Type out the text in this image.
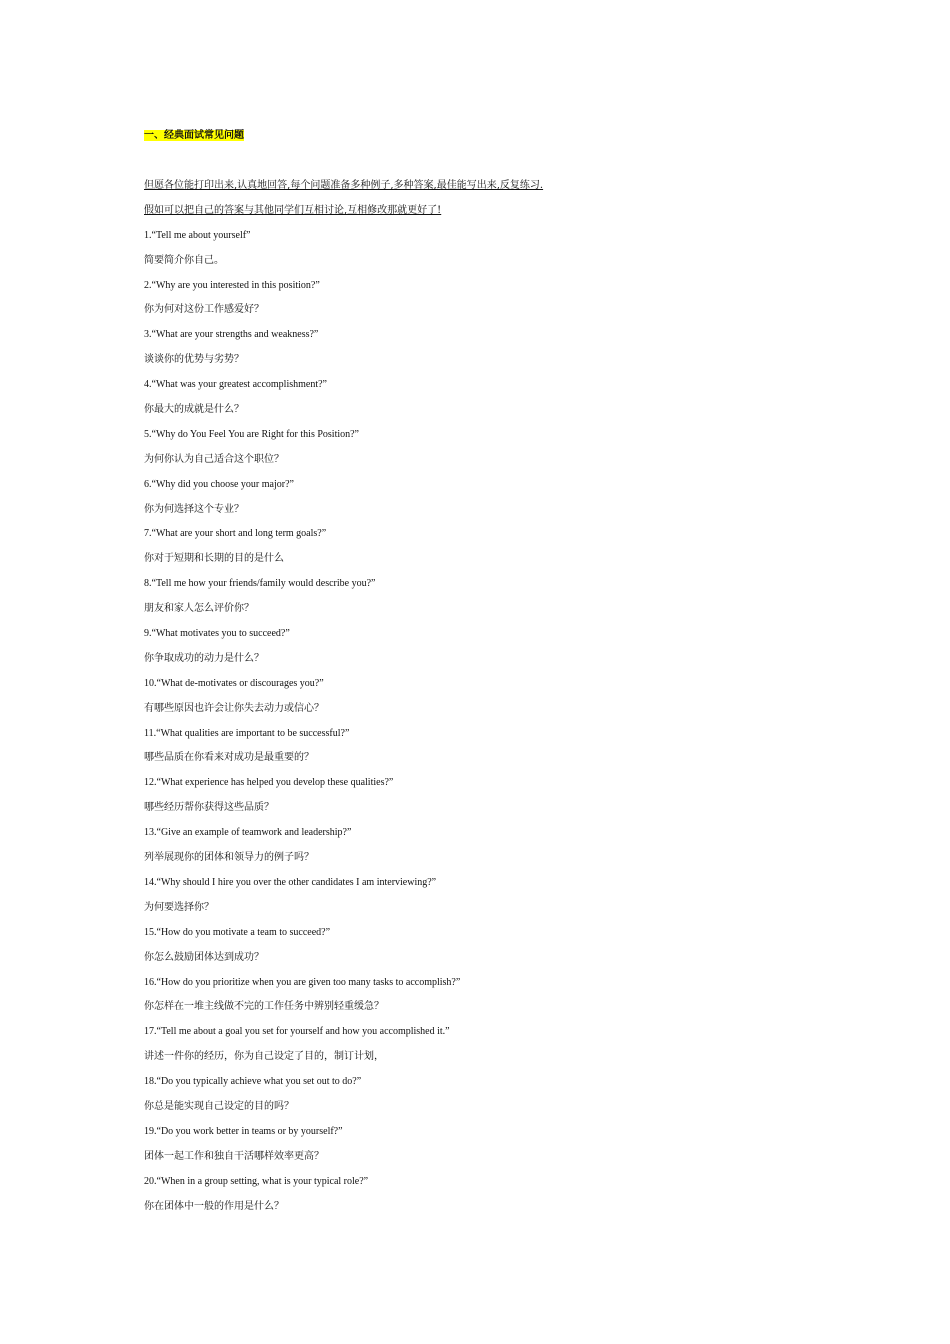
一、经典面试常见问题
但愿各位能打印出来,认真地回答,每个问题准备多种例子,多种答案,最佳能写出来,反复练习.
假如可以把自己的答案与其他同学们互相讨论,互相修改那就更好了!
1.“Tell me about yourself”
简要简介你自己。
2.“Why are you interested in this position?”
你为何对这份工作感爱好？
3.“What are your strengths and weakness?”
谈谈你的优势与劣势？
4.“What was your greatest accomplishment?”
你最大的成就是什么？
5.“Why do You Feel You are Right for this Position?”
为何你认为自己适合这个职位？
6.“Why did you choose your major?”
你为何选择这个专业？
7.“What are your short and long term goals?”
你对于短期和长期的目的是什么
8.“Tell me how your friends/family would describe you?”
朋友和家人怎么评价你？
9.“What motivates you to succeed?”
你争取成功的动力是什么？
10.“What de-motivates or discourages you?”
有哪些原因也许会让你失去动力或信心？
11.“What qualities are important to be successful?”
哪些品质在你看来对成功是最重要的？
12.“What experience has helped you develop these qualities?”
哪些经历帮你获得这些品质？
13.“Give an example of teamwork and leadership?”
列举展现你的团体和领导力的例子吗？
14.“Why should I hire you over the other candidates I am interviewing?”
为何要选择你？
15.“How do you motivate a team to succeed?”
你怎么鼓励团体达到成功？
16.“How do you prioritize when you are given too many tasks to accomplish?”
你怎样在一堆主线做不完的工作任务中辨别轻重缓急？
17.“Tell me about a goal you set for yourself and how you accomplished it.”
讲述一件你的经历，你为自己设定了目的，制订计划，
18.“Do you typically achieve what you set out to do?”
你总是能实现自己设定的目的吗？
19.“Do you work better in teams or by yourself?”
团体一起工作和独自干活哪样效率更高？
20.“When in a group setting, what is your typical role?”
你在团体中一般的作用是什么？
